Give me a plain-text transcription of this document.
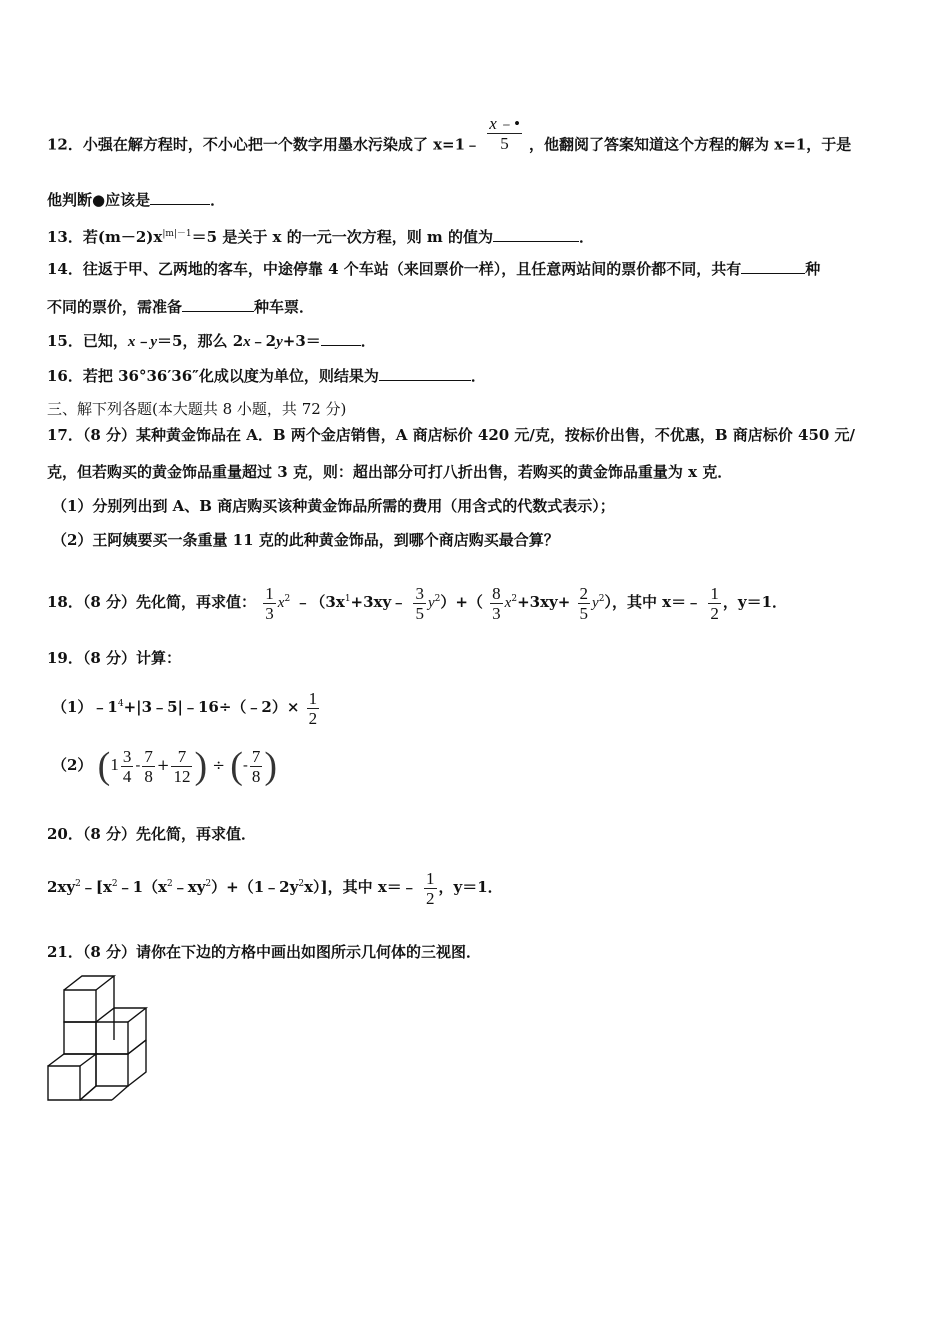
12．小强在解方程时，不小心把一个数字用墨水污染成了 x=1﹣ $\frac{x﹣•}{5}$ ，他翻阅了答案知道这个方程的解为 x=1，于是
他判断●应该是	．
13．若$(m-2)x^{|m|-1}=5$ 是关于 x 的一元一次方程，则 m 的值为	．
14．往返于甲、乙两地的客车，中途停靠 4 个车站（来回票价一样），且任意两站间的票价都不同，共有	种
不同的票价，需准备	种车票．
15．已知，x﹣y＝5，那么 2x﹣2y+3＝	．
16．若把 36°36′36″化成以度为单位，则结果为	．
三、解下列各题(本大题共 8 小题，共 72 分)
17．（8 分）某种黄金饰品在 A．B 两个金店销售，A 商店标价 420 元/克，按标价出售，不优惠，B 商店标价 450 元/
克，但若购买的黄金饰品重量超过 3 克，则：超出部分可打八折出售，若购买的黄金饰品重量为 x 克．
（1）分别列出到 A、B 商店购买该种黄金饰品所需的费用（用含式的代数式表示）；
（2）王阿姨要买一条重量 11 克的此种黄金饰品，到哪个商店购买最合算？
18．（8 分）先化简，再求值： $\frac{1}{3} x^2$ $﹣(3x^1+3xy﹣ \frac{3}{5} y^2)+( \frac{8}{3} x^2+3xy+ \frac{2}{5} y^2)$，其中 x＝﹣ $\frac{1}{2}$ ，y＝1．
19．（8 分）计算：
$(1)﹣1^4+|3﹣5|﹣16\div(﹣2)\times \frac{1}{2}$
（2） ($1 \frac{3}{4} - \frac{7}{8} + \frac{7}{12}$ ) ÷ (- $\frac{7}{8}$ )
20．（8 分）先化简，再求值．
$2xy^2﹣[x^2﹣1(x^2﹣xy^2)+(1﹣2y^2x)]$，其中 x＝﹣ $\frac{1}{2}$ ，y＝1．
21．（8 分）请你在下边的方格中画出如图所示几何体的三视图．
